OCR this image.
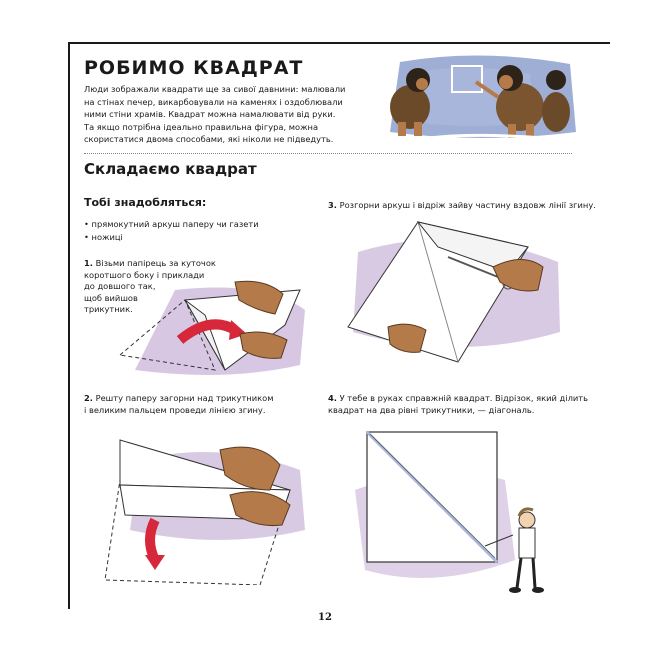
РОБИМО КВАДРАТ

Люди зображали квадрати ще за сивої давнини: малювали
на стінах печер, викарбовували на каменях і оздоблювали
ними стіни храмів. Квадрат можна намалювати від руки.
Та якщо потрібна ідеально правильна фігура, можна
скористатися двома способами, які ніколи не підведуть.

Складаємо квадрат
Тобі знадобляться:
• прямокутний аркуш паперу чи газети
• ножиці

1. Візьми папірець за куточок
коротшого боку і приклади
до довшого так,
щоб вийшов
трикутник.

3. Розгорни аркуш і відріж зайву частину вздовж лінії згину.

2. Решту паперу загорни над трикутником
і великим пальцем проведи лінією згину.

4. У тебе в руках справжній квадрат. Відрізок, який ділить
квадрат на два рівні трикутники, — діагональ.

12
